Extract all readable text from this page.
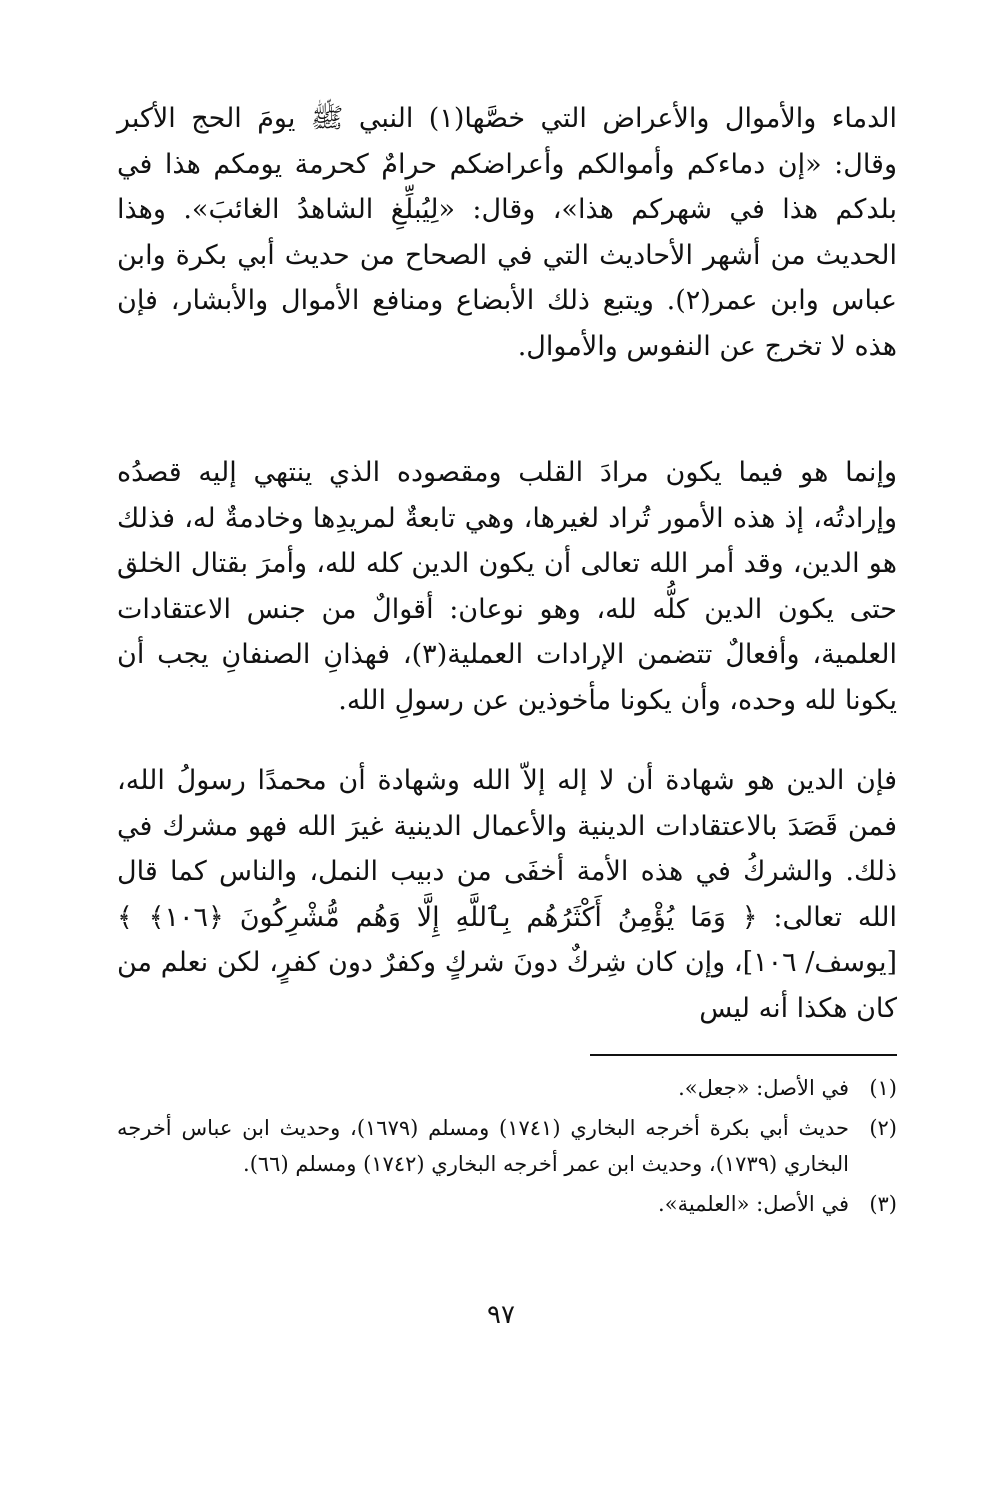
الدماء والأموال والأعراض التي خصَّها(١) النبي ﷺ يومَ الحج الأكبر وقال: «إن دماءكم وأموالكم وأعراضكم حرامٌ كحرمة يومكم هذا في بلدكم هذا في شهركم هذا»، وقال: «لِيُبلِّغِ الشاهدُ الغائبَ». وهذا الحديث من أشهر الأحاديث التي في الصحاح من حديث أبي بكرة وابن عباس وابن عمر(٢). ويتبع ذلك الأبضاع ومنافع الأموال والأبشار، فإن هذه لا تخرج عن النفوس والأموال.
وإنما هو فيما يكون مرادَ القلب ومقصوده الذي ينتهي إليه قصدُه وإرادتُه، إذ هذه الأمور تُراد لغيرها، وهي تابعةٌ لمريدِها وخادمةٌ له، فذلك هو الدين، وقد أمر الله تعالى أن يكون الدين كله لله، وأمرَ بقتال الخلق حتى يكون الدين كلُّه لله، وهو نوعان: أقوالٌ من جنس الاعتقادات العلمية، وأفعالٌ تتضمن الإرادات العملية(٣)، فهذانِ الصنفانِ يجب أن يكونا لله وحده، وأن يكونا مأخوذين عن رسولِ الله.
فإن الدين هو شهادة أن لا إله إلاّ الله وشهادة أن محمدًا رسولُ الله، فمن قَصَدَ بالاعتقادات الدينية والأعمال الدينية غيرَ الله فهو مشرك في ذلك. والشركُ في هذه الأمة أخفَى من دبيب النمل، والناس كما قال الله تعالى: ﴿ وَمَا يُؤْمِنُ أَكْثَرُهُم بِٱللَّهِ إِلَّا وَهُم مُّشْرِكُونَ ﴿١٠٦﴾ ﴾ [يوسف/ ١٠٦]، وإن كان شِركٌ دونَ شركٍ وكفرٌ دون كفرٍ، لكن نعلم من كان هكذا أنه ليس
(١)
في الأصل: «جعل».
(٢)
حديث أبي بكرة أخرجه البخاري (١٧٤١) ومسلم (١٦٧٩)، وحديث ابن عباس أخرجه البخاري (١٧٣٩)، وحديث ابن عمر أخرجه البخاري (١٧٤٢) ومسلم (٦٦).
(٣)
في الأصل: «العلمية».
٩٧
